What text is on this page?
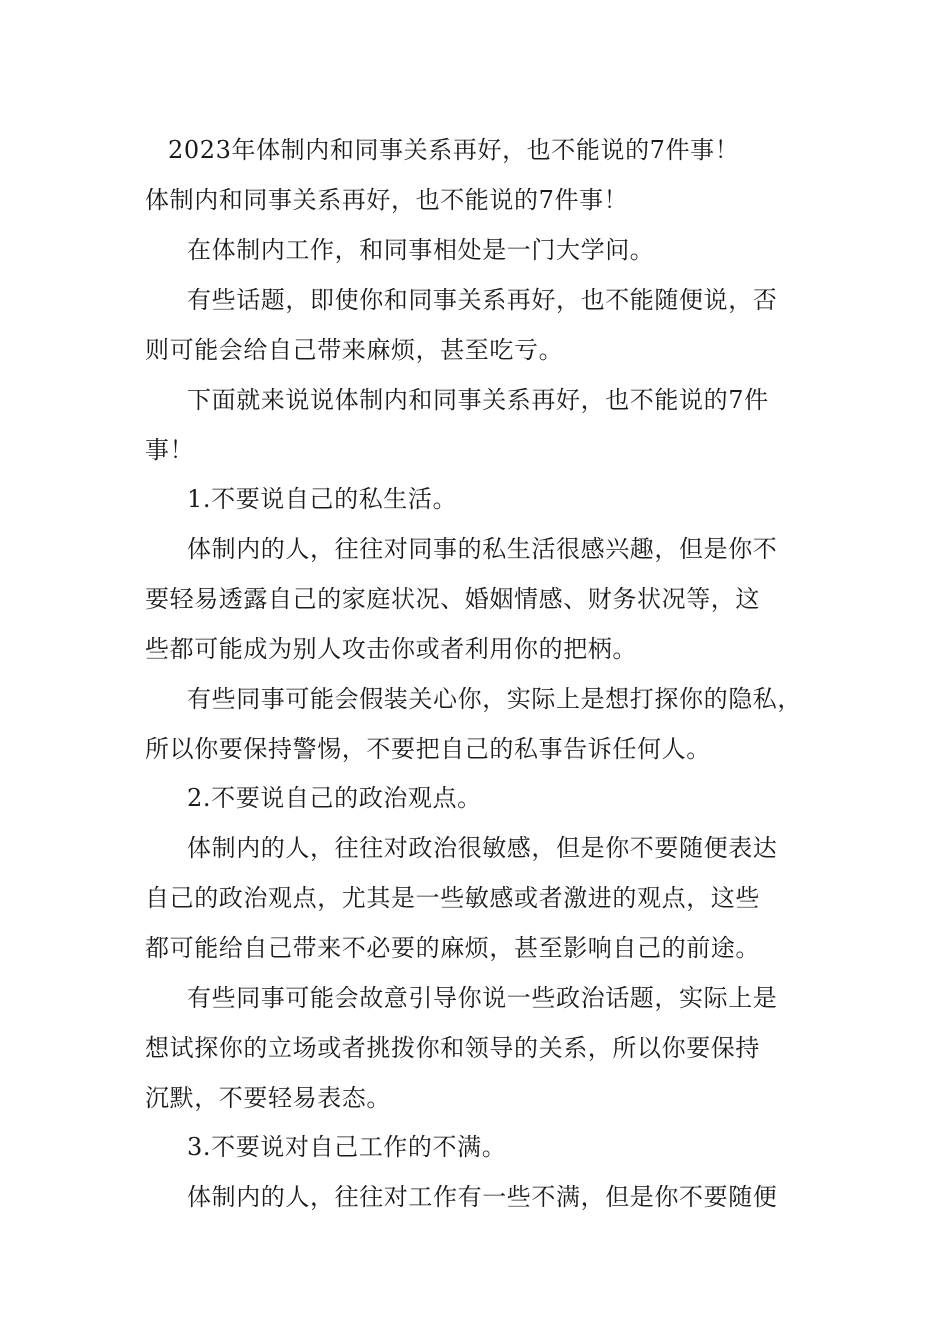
2023年体制内和同事关系再好，也不能说的7件事！

体制内和同事关系再好，也不能说的7件事！

在体制内工作，和同事相处是一门大学问。

有些话题，即使你和同事关系再好，也不能随便说，否

则可能会给自己带来麻烦，甚至吃亏。

下面就来说说体制内和同事关系再好，也不能说的7件

事！

1.不要说自己的私生活。

体制内的人，往往对同事的私生活很感兴趣，但是你不

要轻易透露自己的家庭状况、婚姻情感、财务状况等，这

些都可能成为别人攻击你或者利用你的把柄。

有些同事可能会假装关心你，实际上是想打探你的隐私，

所以你要保持警惕，不要把自己的私事告诉任何人。

2.不要说自己的政治观点。

体制内的人，往往对政治很敏感，但是你不要随便表达

自己的政治观点，尤其是一些敏感或者激进的观点，这些

都可能给自己带来不必要的麻烦，甚至影响自己的前途。

有些同事可能会故意引导你说一些政治话题，实际上是

想试探你的立场或者挑拨你和领导的关系，所以你要保持

沉默，不要轻易表态。

3.不要说对自己工作的不满。

体制内的人，往往对工作有一些不满，但是你不要随便
